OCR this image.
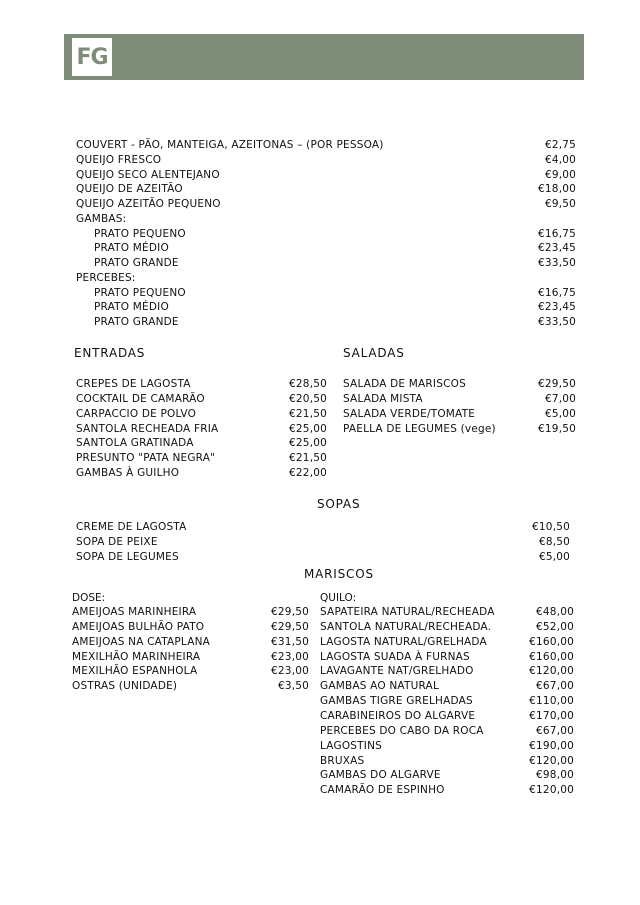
FG
COUVERT - PÃO, MANTEIGA, AZEITONAS – (POR PESSOA)	€2,75
QUEIJO FRESCO	€4,00
QUEIJO SECO ALENTEJANO	€9,00
QUEIJO DE AZEITÃO	€18,00
QUEIJO AZEITÃO PEQUENO	€9,50
GAMBAS:
PRATO PEQUENO	€16,75
PRATO MÉDIO	€23,45
PRATO GRANDE	€33,50
PERCEBES:
PRATO PEQUENO	€16,75
PRATO MÉDIO	€23,45
PRATO GRANDE	€33,50
CREPES DE LAGOSTA	€28,50
COCKTAIL DE CAMARÃO	€20,50
CARPACCIO DE POLVO	€21,50
SANTOLA RECHEADA FRIA	€25,00
SANTOLA GRATINADA	€25,00
PRESUNTO "PATA NEGRA"	€21,50
GAMBAS À GUILHO	€22,00
SALADA DE MARISCOS	€29,50
SALADA MISTA	€7,00
SALADA VERDE/TOMATE	€5,00
PAELLA DE LEGUMES (vege)	€19,50
CREME DE LAGOSTA	€10,50
SOPA DE PEIXE	€8,50
SOPA DE LEGUMES	€5,00
AMEIJOAS MARINHEIRA	€29,50
AMEIJOAS BULHÃO PATO	€29,50
AMEIJOAS NA CATAPLANA	€31,50
MEXILHÃO MARINHEIRA	€23,00
MEXILHÃO ESPANHOLA	€23,00
OSTRAS (UNIDADE)	€3,50
SAPATEIRA NATURAL/RECHEADA	€48,00
SANTOLA NATURAL/RECHEADA.	€52,00
LAGOSTA NATURAL/GRELHADA	€160,00
LAGOSTA SUADA À FURNAS	€160,00
LAVAGANTE NAT/GRELHADO	€120,00
GAMBAS AO NATURAL	€67,00
GAMBAS TIGRE GRELHADAS	€110,00
CARABINEIROS DO ALGARVE	€170,00
PERCEBES DO CABO DA ROCA	€67,00
LAGOSTINS	€190,00
BRUXAS	€120,00
GAMBAS DO ALGARVE	€98,00
CAMARÃO DE ESPINHO	€120,00
ENTRADAS	SALADAS
SOPAS
MARISCOS
DOSE:	QUILO:
